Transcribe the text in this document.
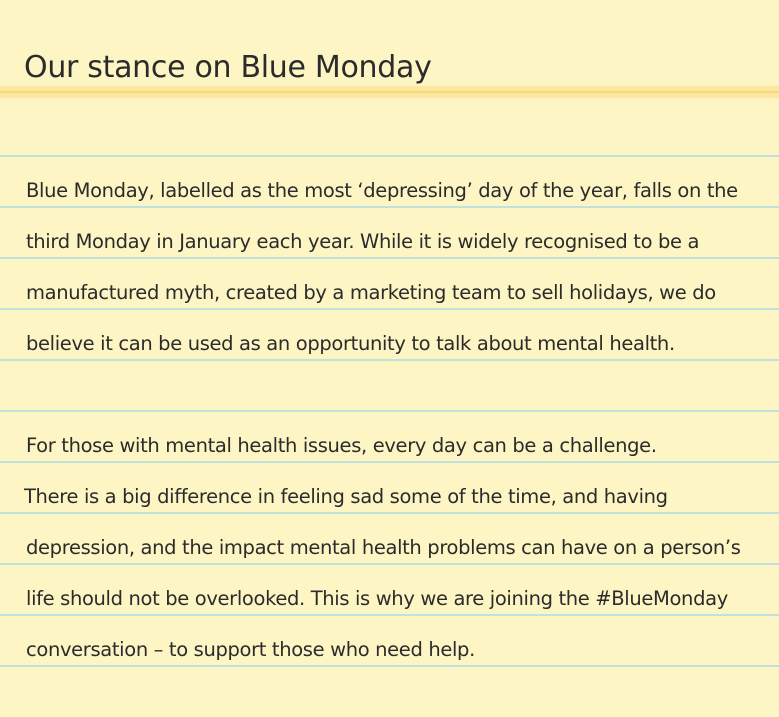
Our stance on Blue Monday
Blue Monday, labelled as the most ‘depressing’ day of the year, falls on the
third Monday in January each year. While it is widely recognised to be a
manufactured myth, created by a marketing team to sell holidays, we do
believe it can be used as an opportunity to talk about mental health.
For those with mental health issues, every day can be a challenge.
There is a big difference in feeling sad some of the time, and having
depression, and the impact mental health problems can have on a person’s
life should not be overlooked. This is why we are joining the #BlueMonday
conversation – to support those who need help.
